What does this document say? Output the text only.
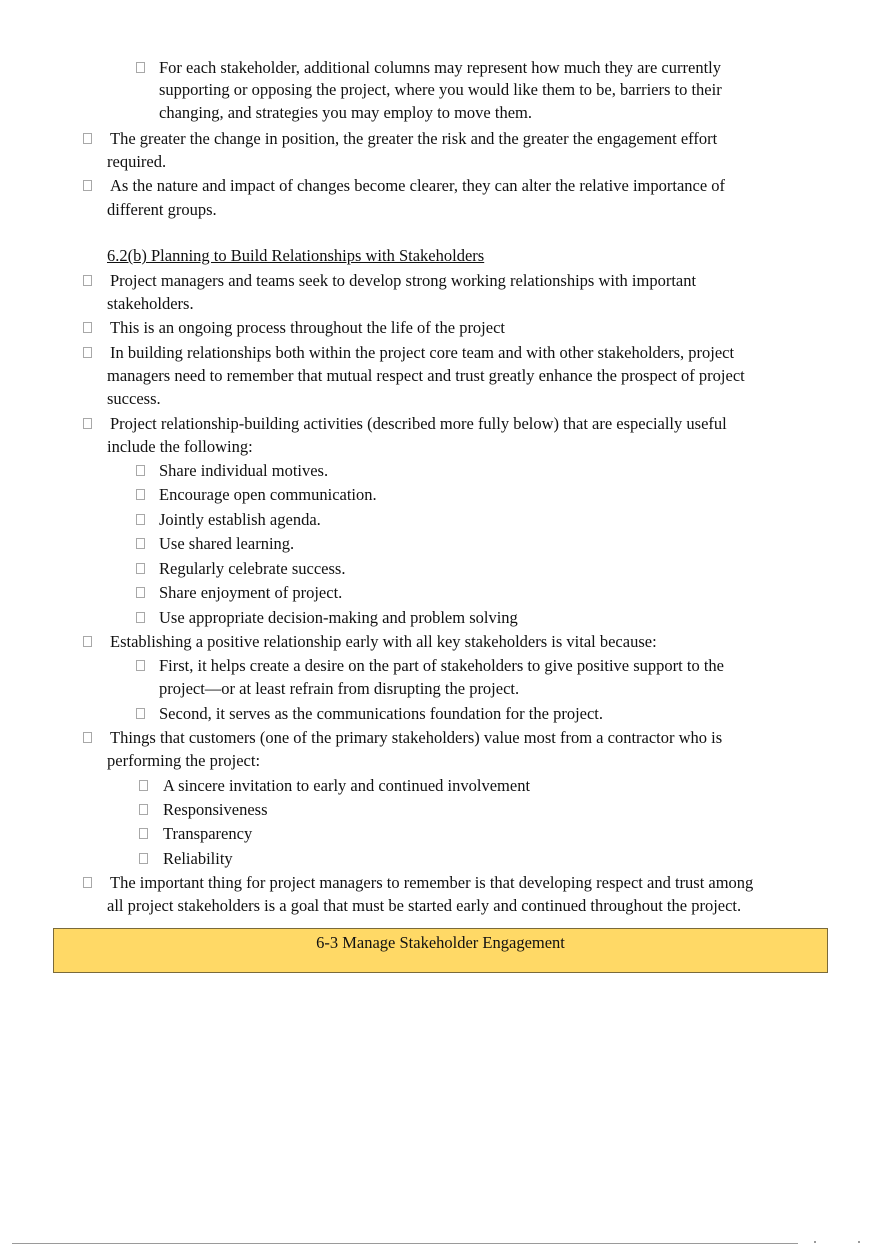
For each stakeholder, additional columns may represent how much they are currently
supporting or opposing the project, where you would like them to be, barriers to their
changing, and strategies you may employ to move them.
The greater the change in position, the greater the risk and the greater the engagement effort
required.
As the nature and impact of changes become clearer, they can alter the relative importance of
different groups.
6.2(b) Planning to Build Relationships with Stakeholders
Project managers and teams seek to develop strong working relationships with important
stakeholders.
This is an ongoing process throughout the life of the project
In building relationships both within the project core team and with other stakeholders, project
managers need to remember that mutual respect and trust greatly enhance the prospect of project
success.
Project relationship-building activities (described more fully below) that are especially useful
include the following:
Share individual motives.
Encourage open communication.
Jointly establish agenda.
Use shared learning.
Regularly celebrate success.
Share enjoyment of project.
Use appropriate decision-making and problem solving
Establishing a positive relationship early with all key stakeholders is vital because:
First, it helps create a desire on the part of stakeholders to give positive support to the
project—or at least refrain from disrupting the project.
Second, it serves as the communications foundation for the project.
Things that customers (one of the primary stakeholders) value most from a contractor who is
performing the project:
A sincere invitation to early and continued involvement
Responsiveness
Transparency
Reliability
The important thing for project managers to remember is that developing respect and trust among
all project stakeholders is a goal that must be started early and continued throughout the project.
6-3 Manage Stakeholder Engagement
